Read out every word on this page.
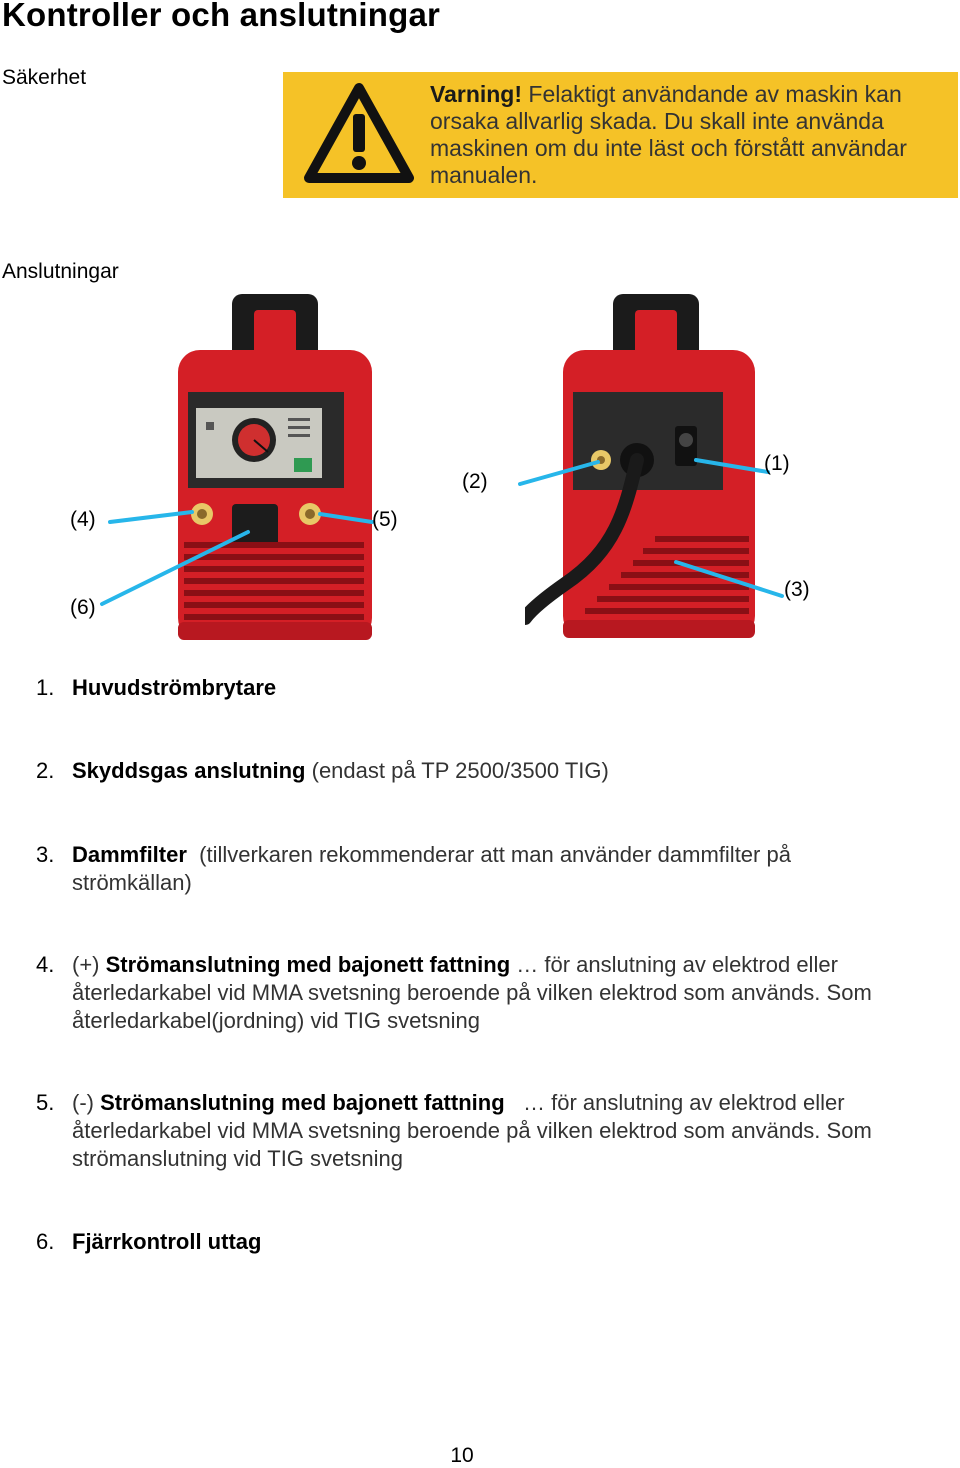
Kontroller och anslutningar
Säkerhet
Varning! Felaktigt användande av maskin kan orsaka allvarlig skada. Du skall inte använda maskinen om du inte läst och förstått användar manualen.
Anslutningar
(2)
(1)
(4)	(5)
(6)
(3)
1. Huvudströmbrytare
2. Skyddsgas anslutning (endast på TP 2500/3500 TIG)
3. Dammfilter  (tillverkaren rekommenderar att man använder dammfilter på strömkällan)
4. (+) Strömanslutning med bajonett fattning … för anslutning av elektrod eller återledarkabel vid MMA svetsning beroende på vilken elektrod som används. Som återledarkabel(jordning) vid TIG svetsning
5. (-) Strömanslutning med bajonett fattning   … för anslutning av elektrod eller återledarkabel vid MMA svetsning beroende på vilken elektrod som används. Som strömanslutning vid TIG svetsning
6. Fjärrkontroll uttag
10
